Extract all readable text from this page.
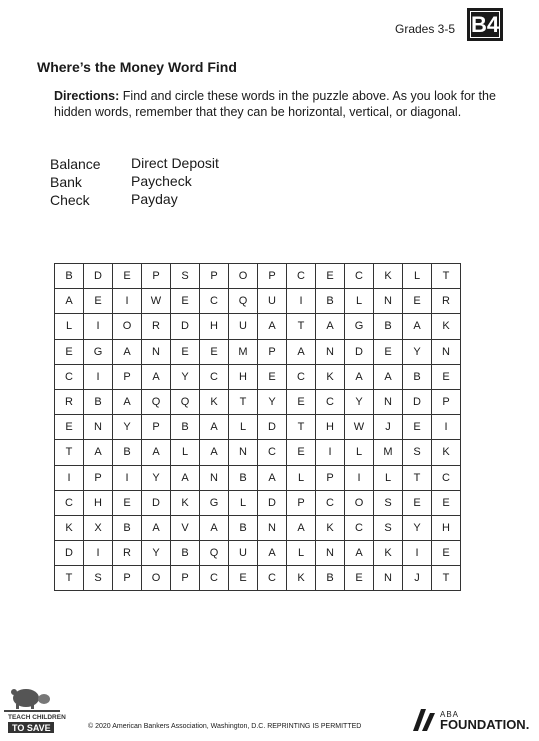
Grades 3-5 B4
Where’s the Money Word Find
Directions: Find and circle these words in the puzzle above. As you look for the hidden words, remember that they can be horizontal, vertical, or diagonal.
Balance
Bank
Check
Direct Deposit
Paycheck
Payday
B	D	E	P	S	P	O	P	C	E	C	K	L	T
A	E	I	W	E	C	Q	U	I	B	L	N	E	R
L	I	O	R	D	H	U	A	T	A	G	B	A	K
E	G	A	N	E	E	M	P	A	N	D	E	Y	N
C	I	P	A	Y	C	H	E	C	K	A	A	B	E
R	B	A	Q	Q	K	T	Y	E	C	Y	N	D	P
E	N	Y	P	B	A	L	D	T	H	W	J	E	I
T	A	B	A	L	A	N	C	E	I	L	M	S	K
I	P	I	Y	A	N	B	A	L	P	I	L	T	C
C	H	E	D	K	G	L	D	P	C	O	S	E	E
K	X	B	A	V	A	B	N	A	K	C	S	Y	H
D	I	R	Y	B	Q	U	A	L	N	A	K	I	E
T	S	P	O	P	C	E	C	K	B	E	N	J	T
TEACH CHILDREN
TO SAVE	© 2020 American Bankers Association, Washington, D.C. REPRINTING IS PERMITTED
ABA
FOUNDATION.
